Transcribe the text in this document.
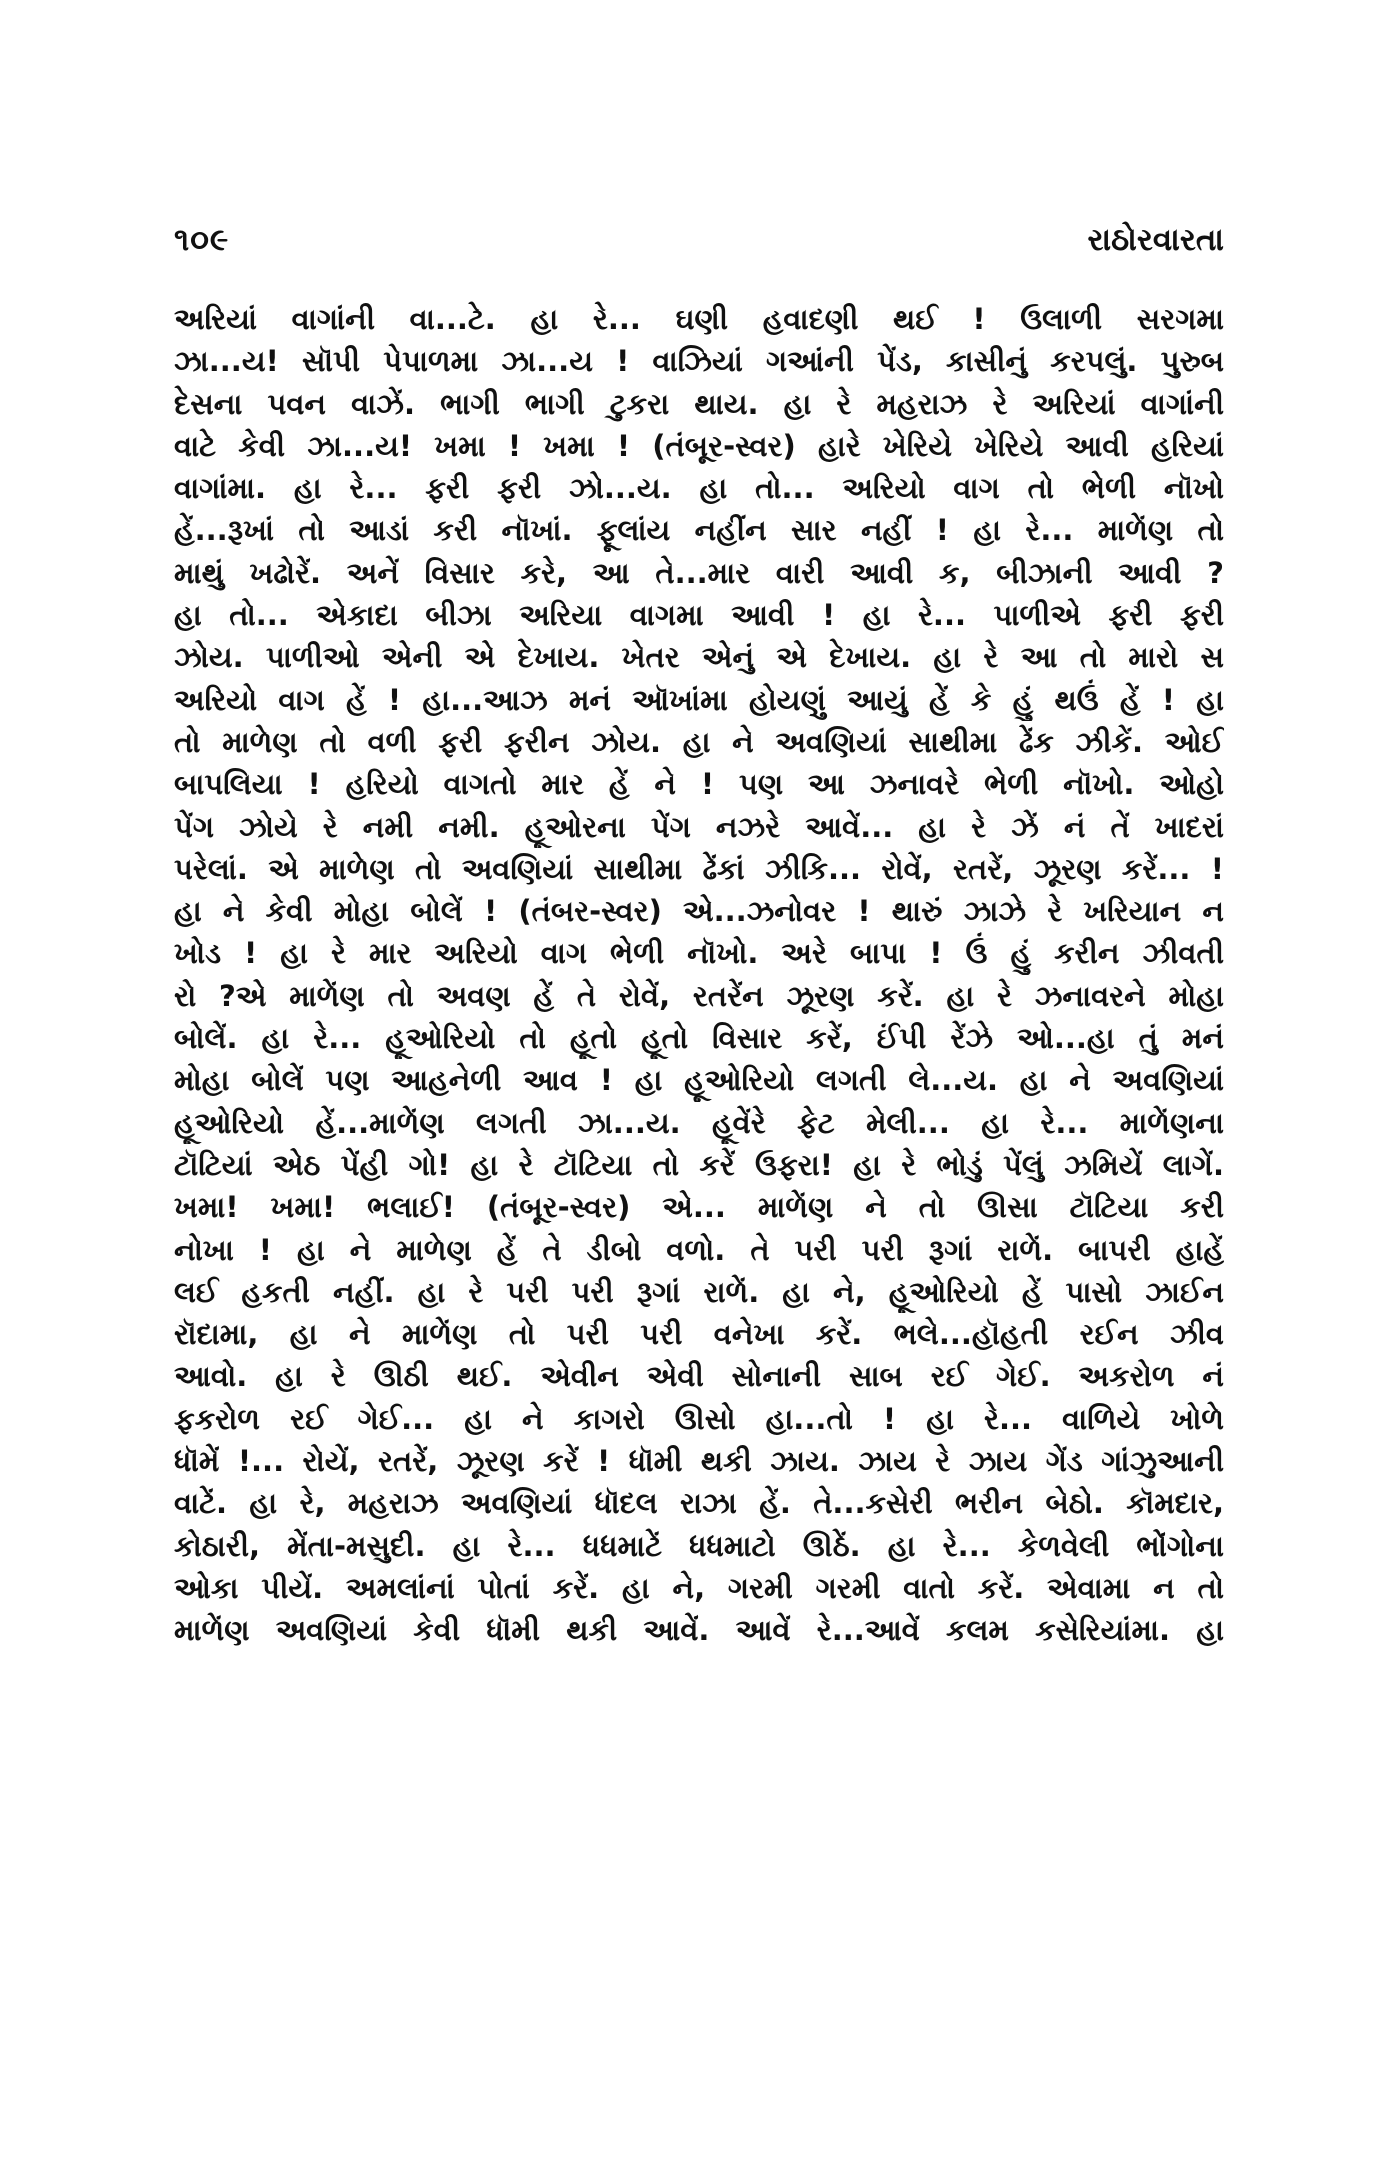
૧૦૯	રાઠોરવારતા
અરિયાં વાગાંની વા...ટે. હા રે... ઘણી હવાદણી થઈ ! ઉલાળી સરગમા
ઝા...ય! સૉપી પેપાળમા ઝા...ય ! વાઝિયાં ગઆંની પેંડ, કાસીનું કરપલું. પુરુબ
દેસના પવન વાઝેં. ભાગી ભાગી ટુકરા થાય. હા રે મહરાઝ રે અરિયાં વાગાંની
વાટે કેવી ઝા...ય! ખમા ! ખમા ! (તંબૂર-સ્વર) હારે ખેરિયે ખેરિયે આવી હરિયાં
વાગાંમા. હા રે... ફરી ફરી ઝો...ય. હા તો... અરિયો વાગ તો ભેળી નૉખો
હેં...રૂખાં તો આડાં કરી નૉખાં. ફૂલાંય નહીંન સાર નહીં ! હા રે... માળેંણ તો
માથું ખઢોરેં. અનેં વિસાર કરે, આ તે...માર વારી આવી ક, બીઝાની આવી ?
હા તો... એકાદા બીઝા અરિયા વાગમા આવી ! હા રે... પાળીએ ફરી ફરી
ઝોય. પાળીઓ એની એ દેખાય. ખેતર એનું એ દેખાય. હા રે આ તો મારો સ
અરિયો વાગ હેં ! હા...આઝ મનં ઑખાંમા હોયણું આયું હેં કે હું થઉં હેં ! હા
તો માળેણ તો વળી ફરી ફરીન ઝોય. હા ને અવણિયાં સાથીમા ઢેંક ઝીકેં. ઓઈ
બાપલિયા ! હરિયો વાગતો માર હેં ને ! પણ આ ઝનાવરે ભેળી નૉખો. ઓહો
પેંગ ઝોયે રે નમી નમી. હૂઓરના પેંગ નઝરે આવેં... હા રે ઝેં નં તેં ખાદરાં
પરેલાં. એ માળેણ તો અવણિયાં સાથીમા ઢેંકાં ઝીકિ... રોવેં, રતરેં, ઝૂરણ કરેં... !
હા ને કેવી મોહા બોલેં ! (તંબર-સ્વર) એ...ઝનોવર ! થારું ઝાઝે રે ખરિયાન ન
ખોડ ! હા રે માર અરિયો વાગ ભેળી નૉખો. અરે બાપા ! ઉં હું કરીન ઝીવતી
રો ?એ માળેંણ તો અવણ હેં તે રોવેં, રતરેંન ઝૂરણ કરેં. હા રે ઝનાવરને મોહા
બોલેં. હા રે... હૂઓરિયો તો હૂતો હૂતો વિસાર કરેં, ઈંપી રેંઝે ઓ...હા તું મનં
મોહા બોલેં પણ આહનેળી આવ ! હા હૂઓરિયો લગતી લે...ય. હા ને અવણિયાં
હૂઓરિયો હેં...માળેંણ લગતી ઝા...ય. હૂવેંરે ફેટ મેલી... હા રે... માળેંણના
ટૉટિયાં એઠ પેંહી ગો! હા રે ટૉટિયા તો કરેં ઉફરા! હા રે ભોડું પેંલું ઝમિયેં લાગેં.
ખમા! ખમા! ભલાઈ! (તંબૂર-સ્વર) એ... માળેંણ ને તો ઊસા ટૉટિયા કરી
નોખા ! હા ને માળેણ હેં તે ડીબો વળો. તે પરી પરી રૂગાં રાળેં. બાપરી હાહેં
લઈ હકતી નહીં. હા રે પરી પરી રૂગાં રાળેં. હા ને, હૂઓરિયો હેં પાસો ઝાઈન
રૉદામા, હા ને માળેંણ તો પરી પરી વનેખા કરેં. ભલે...હૉહતી રઈન ઝીવ
આવો. હા રે ઊઠી થઈ. એવીન એવી સોનાની સાબ રઈ ગેઈ. અકરોળ નં
ફકરોળ રઈ ગેઈ... હા ને કાગરો ઊસો હા...તો ! હા રે... વાળિયે ખોળે
ધૉમેં !... રોયેં, રતરેં, ઝૂરણ કરેં ! ધૉમી થકી ઝાય. ઝાય રે ઝાય ગેંડ ગાંઝુઆની
વાટેં. હા રે, મહરાઝ અવણિયાં ધૉદલ રાઝા હેં. તે...કસેરી ભરીન બેઠો. કૉમદાર,
કોઠારી, મેંતા-મસુદી. હા રે... ધધમાટેં ધધમાટો ઊઠેં. હા રે... કેળવેલી ભોંગોના
ઓકા પીયેં. અમલાંનાં પોતાં કરેં. હા ને, ગરમી ગરમી વાતો કરેં. એવામા ન તો
માળેંણ અવણિયાં કેવી ધૉમી થકી આવેં. આવેં રે...આવેં કલમ કસેરિયાંમા. હા
